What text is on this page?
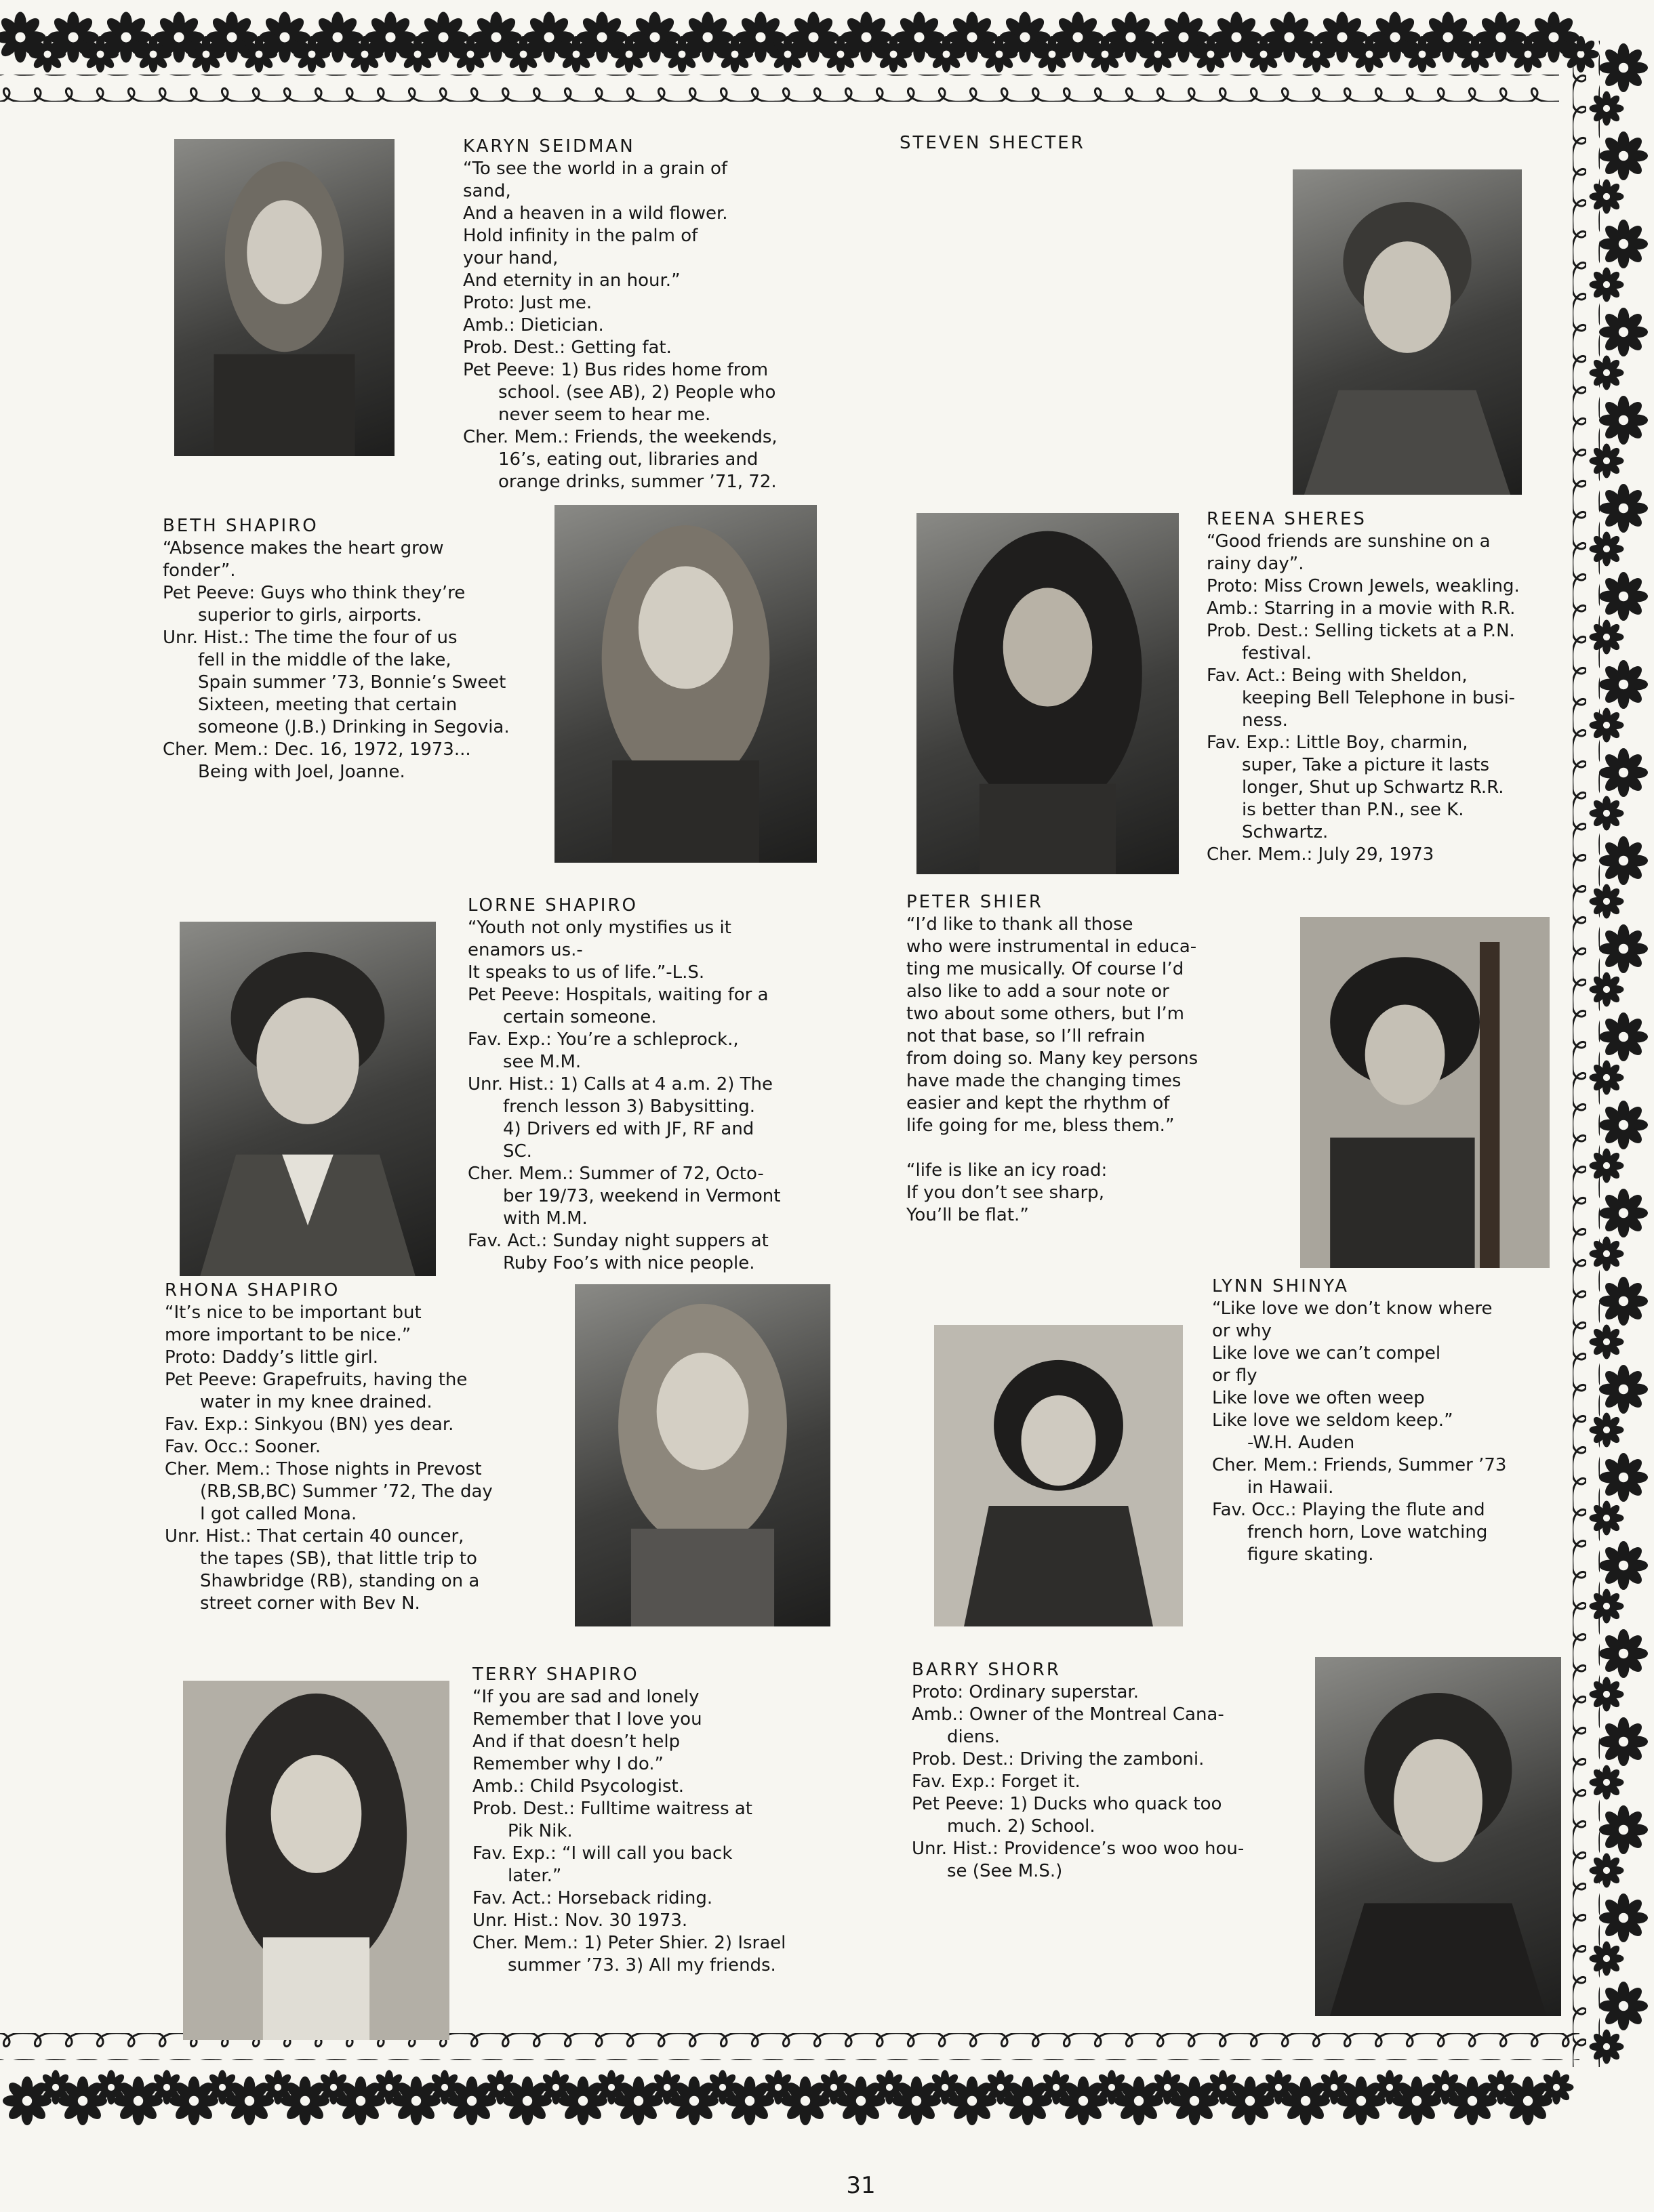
KARYN SEIDMAN
“To see the world in a grain of
sand,
And a heaven in a wild flower.
Hold infinity in the palm of
your hand,
And eternity in an hour.”
Proto: Just me.
Amb.: Dietician.
Prob. Dest.: Getting fat.
Pet Peeve: 1) Bus rides home from
school. (see AB), 2) People who
never seem to hear me.
Cher. Mem.: Friends, the weekends,
16’s, eating out, libraries and
orange drinks, summer ’71, 72.
STEVEN SHECTER
BETH SHAPIRO
“Absence makes the heart grow
fonder”.
Pet Peeve: Guys who think they’re
superior to girls, airports.
Unr. Hist.: The time the four of us
fell in the middle of the lake,
Spain summer ’73, Bonnie’s Sweet
Sixteen, meeting that certain
someone (J.B.) Drinking in Segovia.
Cher. Mem.: Dec. 16, 1972, 1973...
Being with Joel, Joanne.
REENA SHERES
“Good friends are sunshine on a
rainy day”.
Proto: Miss Crown Jewels, weakling.
Amb.: Starring in a movie with R.R.
Prob. Dest.: Selling tickets at a P.N.
festival.
Fav. Act.: Being with Sheldon,
keeping Bell Telephone in busi-
ness.
Fav. Exp.: Little Boy, charmin,
super, Take a picture it lasts
longer, Shut up Schwartz R.R.
is better than P.N., see K.
Schwartz.
Cher. Mem.: July 29, 1973
LORNE SHAPIRO
“Youth not only mystifies us it
enamors us.-
It speaks to us of life.”-L.S.
Pet Peeve: Hospitals, waiting for a
certain someone.
Fav. Exp.: You’re a schleprock.,
see M.M.
Unr. Hist.: 1) Calls at 4 a.m. 2) The
french lesson 3) Babysitting.
4) Drivers ed with JF, RF and
SC.
Cher. Mem.: Summer of 72, Octo-
ber 19/73, weekend in Vermont
with M.M.
Fav. Act.: Sunday night suppers at
Ruby Foo’s with nice people.
PETER SHIER
“I’d like to thank all those
who were instrumental in educa-
ting me musically. Of course I’d
also like to add a sour note or
two about some others, but I’m
not that base, so I’ll refrain
from doing so. Many key persons
have made the changing times
easier and kept the rhythm of
life going for me, bless them.”
“life is like an icy road:
If you don’t see sharp,
You’ll be flat.”
RHONA SHAPIRO
“It’s nice to be important but
more important to be nice.”
Proto: Daddy’s little girl.
Pet Peeve: Grapefruits, having the
water in my knee drained.
Fav. Exp.: Sinkyou (BN) yes dear.
Fav. Occ.: Sooner.
Cher. Mem.: Those nights in Prevost
(RB,SB,BC) Summer ’72, The day
I got called Mona.
Unr. Hist.: That certain 40 ouncer,
the tapes (SB), that little trip to
Shawbridge (RB), standing on a
street corner with Bev N.
LYNN SHINYA
“Like love we don’t know where
or why
Like love we can’t compel
or fly
Like love we often weep
Like love we seldom keep.”
-W.H. Auden
Cher. Mem.: Friends, Summer ’73
in Hawaii.
Fav. Occ.: Playing the flute and
french horn, Love watching
figure skating.
TERRY SHAPIRO
“If you are sad and lonely
Remember that I love you
And if that doesn’t help
Remember why I do.”
Amb.: Child Psycologist.
Prob. Dest.: Fulltime waitress at
Pik Nik.
Fav. Exp.: “I will call you back
later.”
Fav. Act.: Horseback riding.
Unr. Hist.: Nov. 30 1973.
Cher. Mem.: 1) Peter Shier. 2) Israel
summer ’73. 3) All my friends.
BARRY SHORR
Proto: Ordinary superstar.
Amb.: Owner of the Montreal Cana-
diens.
Prob. Dest.: Driving the zamboni.
Fav. Exp.: Forget it.
Pet Peeve: 1) Ducks who quack too
much. 2) School.
Unr. Hist.: Providence’s woo woo hou-
se (See M.S.)
31
